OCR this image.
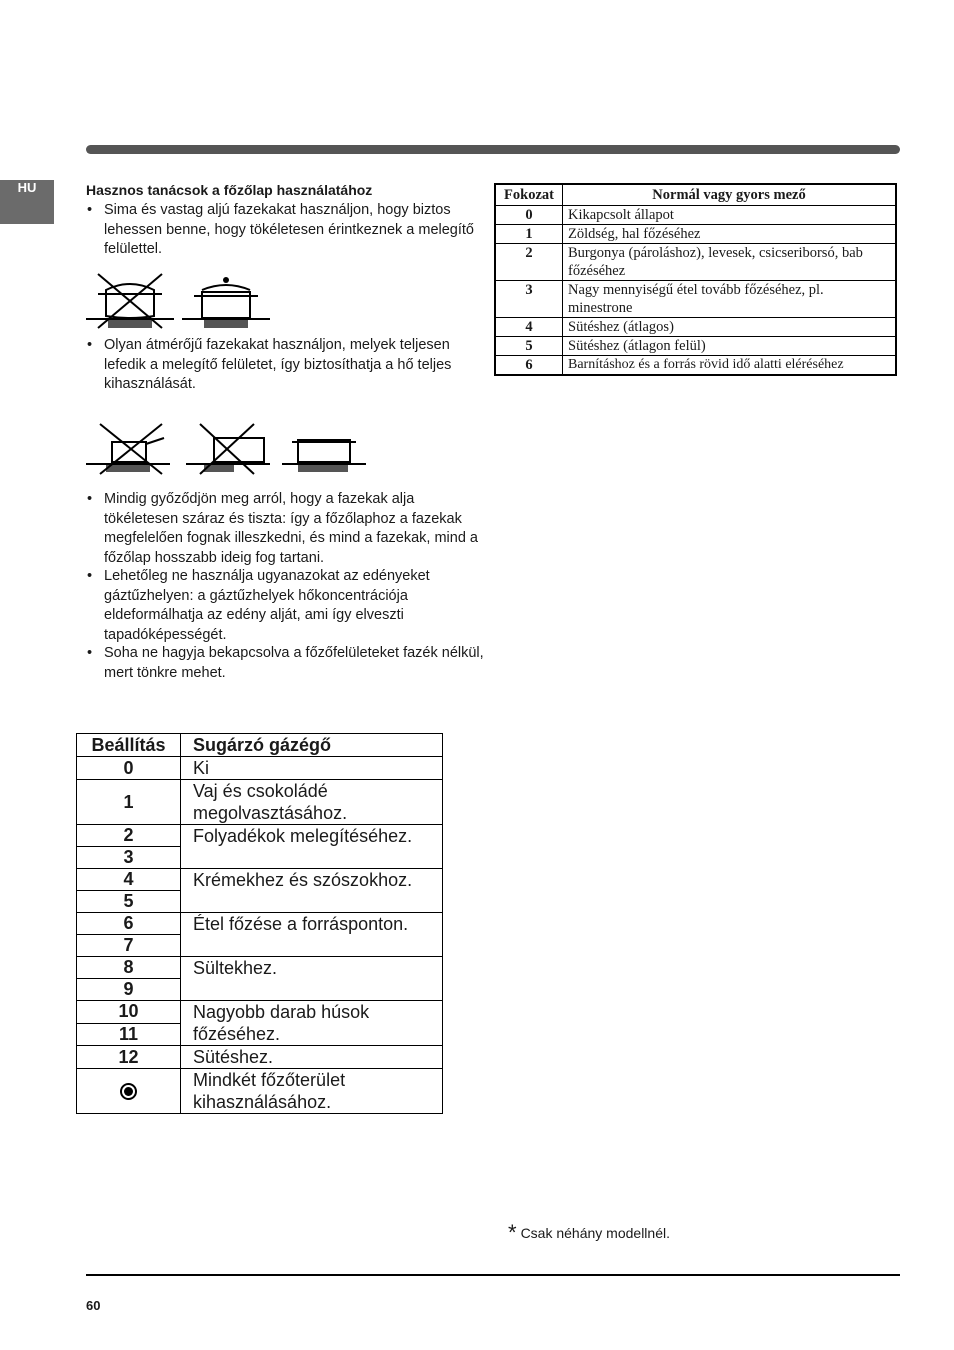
HU	Hasznos tanácsok a főzőlap használatához
• Sima és vastag aljú fazekakat használjon, hogy biztos lehessen benne, hogy tökéletesen érintkeznek a melegítő felülettel.
• Olyan átmérőjű fazekakat használjon, melyek teljesen lefedik a melegítő felületet, így biztosíthatja a hő teljes kihasználását.
• Mindig győződjön meg arról, hogy a fazekak alja tökéletesen száraz és tiszta: így a főzőlaphoz a fazekak megfelelően fognak illeszkedni, és mind a fazekak, mind a főzőlap hosszabb ideig fog tartani.
• Lehetőleg ne használja ugyanazokat az edényeket gáztűzhelyen: a gáztűzhelyek hőkoncentrációja eldeformálhatja az edény alját, ami így elveszti tapadóképességét.
• Soha ne hagyja bekapcsolva a főzőfelületeket fazék nélkül, mert tönkre mehet.
Fokozat	Normál vagy gyors mező
0	Kikapcsolt állapot
1	Zöldség, hal főzéséhez
2	Burgonya (pároláshoz), levesek, csicseriborsó, bab főzéséhez
3	Nagy mennyiségű étel tovább főzéséhez, pl. minestrone
4	Sütéshez (átlagos)
5	Sütéshez (átlagon felül)
6	Barnításhoz és a forrás rövid idő alatti eléréséhez
Beállítás	Sugárzó gázégő
0	Ki
1	Vaj és csokoládé megolvasztásához.
2	Folyadékok melegítéséhez.
3	
4	Krémekhez és szószokhoz.
5	
6	Étel főzése a forrásponton.
7	
8	Sültekhez.
9	
10	Nagyobb darab húsok főzéséhez.
11	
12	Sütéshez.
	Mindkét főzőterület kihasználásához.
* Csak néhány modellnél.
60
